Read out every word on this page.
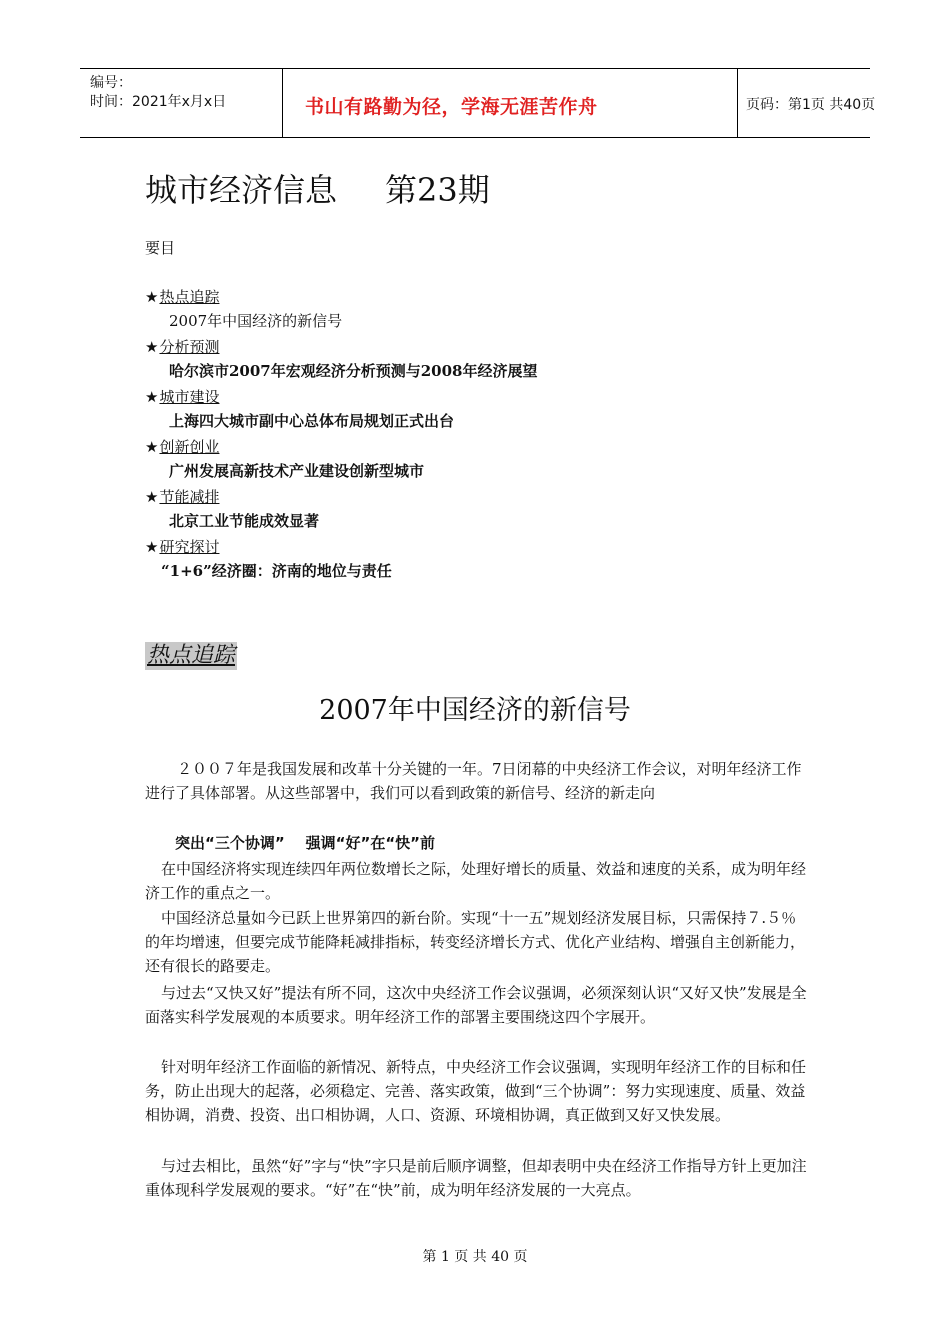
编号：
时间：2021年x月x日	书山有路勤为径，学海无涯苦作舟	页码：第1页 共40页
城市经济信息 第23期
要目
★热点追踪
2007年中国经济的新信号
★分析预测
哈尔滨市2007年宏观经济分析预测与2008年经济展望
★城市建设
上海四大城市副中心总体布局规划正式出台
★创新创业
广州发展高新技术产业建设创新型城市
★节能减排
北京工业节能成效显著
★研究探讨
“1+6”经济圈：济南的地位与责任
热点追踪
2007年中国经济的新信号
２００７年是我国发展和改革十分关键的一年。7日闭幕的中央经济工作会议，对明年经济工作进行了具体部署。从这些部署中，我们可以看到政策的新信号、经济的新走向
突出“三个协调”    强调“好”在“快”前
在中国经济将实现连续四年两位数增长之际，处理好增长的质量、效益和速度的关系，成为明年经济工作的重点之一。
中国经济总量如今已跃上世界第四的新台阶。实现“十一五”规划经济发展目标，只需保持７.５％的年均增速，但要完成节能降耗减排指标，转变经济增长方式、优化产业结构、增强自主创新能力，还有很长的路要走。
与过去“又快又好”提法有所不同，这次中央经济工作会议强调，必须深刻认识“又好又快”发展是全面落实科学发展观的本质要求。明年经济工作的部署主要围绕这四个字展开。
针对明年经济工作面临的新情况、新特点，中央经济工作会议强调，实现明年经济工作的目标和任务，防止出现大的起落，必须稳定、完善、落实政策，做到“三个协调”：努力实现速度、质量、效益相协调，消费、投资、出口相协调，人口、资源、环境相协调，真正做到又好又快发展。
与过去相比，虽然“好”字与“快”字只是前后顺序调整，但却表明中央在经济工作指导方针上更加注重体现科学发展观的要求。“好”在“快”前，成为明年经济发展的一大亮点。
第 1 页 共 40 页
